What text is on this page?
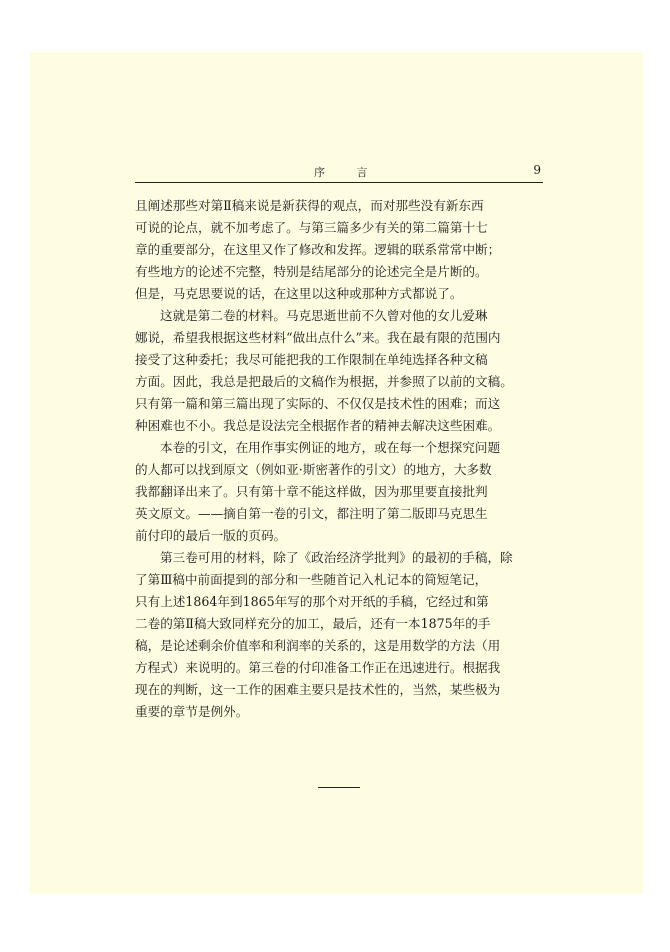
序 言	9
且阐述那些对第Ⅱ稿来说是新获得的观点，而对那些没有新东西
可说的论点，就不加考虑了。与第三篇多少有关的第二篇第十七
章的重要部分，在这里又作了修改和发挥。逻辑的联系常常中断；
有些地方的论述不完整，特别是结尾部分的论述完全是片断的。
但是，马克思要说的话，在这里以这种或那种方式都说了。
这就是第二卷的材料。马克思逝世前不久曾对他的女儿爱琳
娜说，希望我根据这些材料“做出点什么”来。我在最有限的范围内
接受了这种委托；我尽可能把我的工作限制在单纯选择各种文稿
方面。因此，我总是把最后的文稿作为根据，并参照了以前的文稿。
只有第一篇和第三篇出现了实际的、不仅仅是技术性的困难；而这
种困难也不小。我总是设法完全根据作者的精神去解决这些困难。
本卷的引文，在用作事实例证的地方，或在每一个想探究问题
的人都可以找到原文（例如亚·斯密著作的引文）的地方，大多数
我都翻译出来了。只有第十章不能这样做，因为那里要直接批判
英文原文。——摘自第一卷的引文，都注明了第二版即马克思生
前付印的最后一版的页码。
第三卷可用的材料，除了《政治经济学批判》的最初的手稿，除
了第Ⅲ稿中前面提到的部分和一些随首记入札记本的简短笔记，
只有上述1864年到1865年写的那个对开纸的手稿，它经过和第
二卷的第Ⅱ稿大致同样充分的加工，最后，还有一本1875年的手
稿，是论述剩余价值率和利润率的关系的，这是用数学的方法（用
方程式）来说明的。第三卷的付印准备工作正在迅速进行。根据我
现在的判断，这一工作的困难主要只是技术性的，当然，某些极为
重要的章节是例外。
